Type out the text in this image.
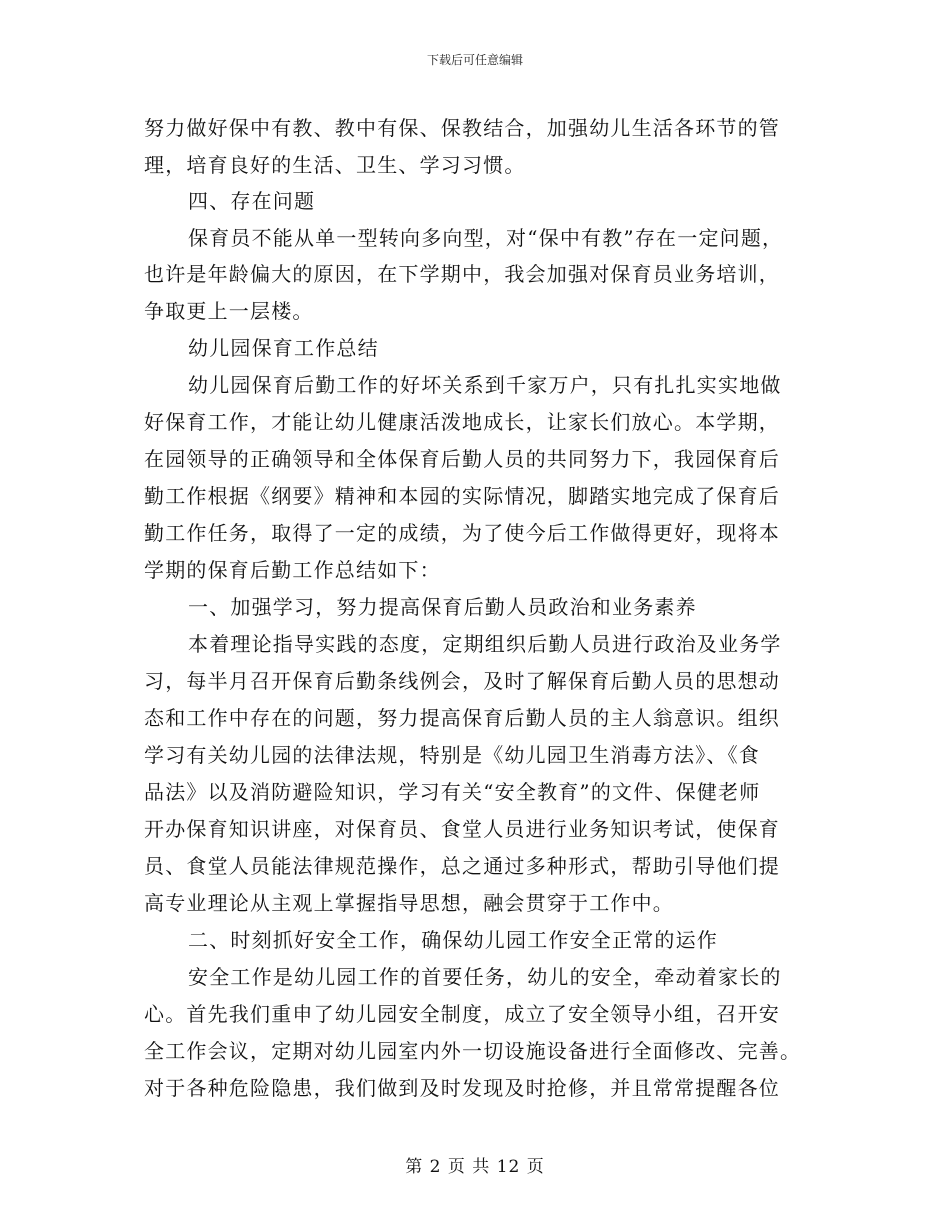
下载后可任意编辑
努力做好保中有教、教中有保、保教结合，加强幼儿生活各环节的管
理，培育良好的生活、卫生、学习习惯。
四、存在问题
保育员不能从单一型转向多向型，对“保中有教”存在一定问题，
也许是年龄偏大的原因，在下学期中，我会加强对保育员业务培训，
争取更上一层楼。
幼儿园保育工作总结
幼儿园保育后勤工作的好坏关系到千家万户，只有扎扎实实地做
好保育工作，才能让幼儿健康活泼地成长，让家长们放心。本学期，
在园领导的正确领导和全体保育后勤人员的共同努力下，我园保育后
勤工作根据《纲要》精神和本园的实际情况，脚踏实地完成了保育后
勤工作任务，取得了一定的成绩，为了使今后工作做得更好，现将本
学期的保育后勤工作总结如下：
一、加强学习，努力提高保育后勤人员政治和业务素养
本着理论指导实践的态度，定期组织后勤人员进行政治及业务学
习，每半月召开保育后勤条线例会，及时了解保育后勤人员的思想动
态和工作中存在的问题，努力提高保育后勤人员的主人翁意识。组织
学习有关幼儿园的法律法规，特别是《幼儿园卫生消毒方法》、《食
品法》以及消防避险知识，学习有关“安全教育”的文件、保健老师
开办保育知识讲座，对保育员、食堂人员进行业务知识考试，使保育
员、食堂人员能法律规范操作，总之通过多种形式，帮助引导他们提
高专业理论从主观上掌握指导思想，融会贯穿于工作中。
二、时刻抓好安全工作，确保幼儿园工作安全正常的运作
安全工作是幼儿园工作的首要任务，幼儿的安全，牵动着家长的
心。首先我们重申了幼儿园安全制度，成立了安全领导小组，召开安
全工作会议，定期对幼儿园室内外一切设施设备进行全面修改、完善。
对于各种危险隐患，我们做到及时发现及时抢修，并且常常提醒各位
第 2 页 共 12 页
